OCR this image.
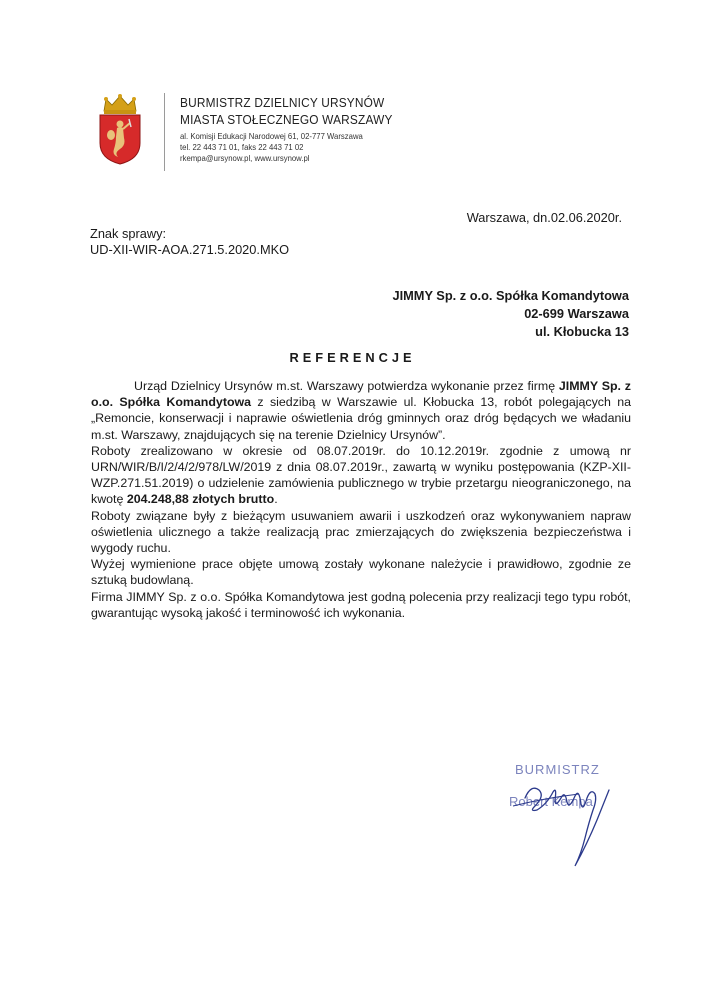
BURMISTRZ DZIELNICY URSYNÓW
MIASTA STOŁECZNEGO WARSZAWY
al. Komisji Edukacji Narodowej 61, 02-777 Warszawa
tel. 22 443 71 01, faks 22 443 71 02
rkempa@ursynow.pl, www.ursynow.pl
Warszawa, dn.02.06.2020r.
Znak sprawy:
UD-XII-WIR-AOA.271.5.2020.MKO
JIMMY Sp. z o.o. Spółka Komandytowa
02-699 Warszawa
ul. Kłobucka 13
REFERENCJE

Urząd Dzielnicy Ursynów m.st. Warszawy potwierdza wykonanie przez firmę JIMMY Sp. z o.o. Spółka Komandytowa z siedzibą w Warszawie ul. Kłobucka 13, robót polegających na „Remoncie, konserwacji i naprawie oświetlenia dróg gminnych oraz dróg będących we władaniu m.st. Warszawy, znajdujących się na terenie Dzielnicy Ursynów”.

Roboty zrealizowano w okresie od 08.07.2019r. do 10.12.2019r. zgodnie z umową nr URN/WIR/B/I/2/4/2/978/LW/2019 z dnia 08.07.2019r., zawartą w wyniku postępowania (KZP-XII-WZP.271.51.2019) o udzielenie zamówienia publicznego w trybie przetargu nieograniczonego, na kwotę 204.248,88 złotych brutto.

Roboty związane były z bieżącym usuwaniem awarii i uszkodzeń oraz wykonywaniem napraw oświetlenia ulicznego a także realizacją prac zmierzających do zwiększenia bezpieczeństwa i wygody ruchu.

Wyżej wymienione prace objęte umową zostały wykonane należycie i prawidłowo, zgodnie ze sztuką budowlaną.

Firma JIMMY Sp. z o.o. Spółka Komandytowa jest godną polecenia przy realizacji tego typu robót, gwarantując wysoką jakość i terminowość ich wykonania.

BURMISTRZ
Robert Kempa
